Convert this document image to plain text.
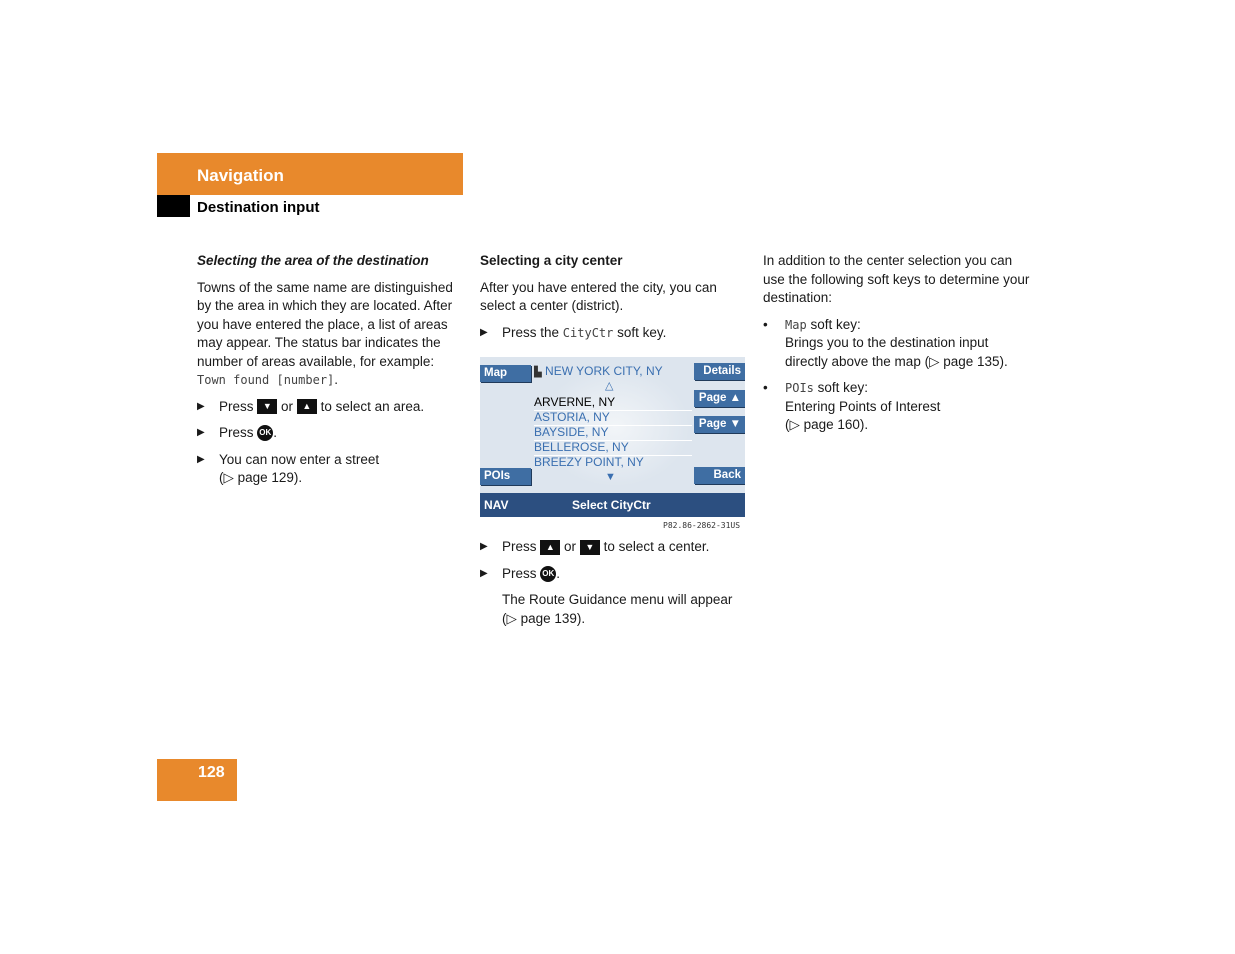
Navigation
Destination input

Selecting the area of the destination

Towns of the same name are distinguished by the area in which they are located. After you have entered the place, a list of areas may appear. The status bar indicates the number of areas available, for example: Town found [number].

▶ Press ▼ or ▲ to select an area.
▶ Press OK .
▶ You can now enter a street
(▷ page 129).

Selecting a city center

After you have entered the city, you can select a center (district).

▶ Press the CityCtr soft key.
Map
POIs
Details
Page ▲
Page ▼
Back
▙ NEW YORK CITY, NY
△
ARVERNE, NY
ASTORIA, NY
BAYSIDE, NY
BELLEROSE, NY
BREEZY POINT, NY
▼
NAV	Select CityCtr
P82.86-2862-31US
▶ Press ▲ or ▼ to select a center.
▶ Press OK .
The Route Guidance menu will appear
(▷ page 139).

In addition to the center selection you can use the following soft keys to determine your destination:

• Map soft key:
Brings you to the destination input
directly above the map (▷ page 135).
• POIs soft key:
Entering Points of Interest
(▷ page 160).
128
